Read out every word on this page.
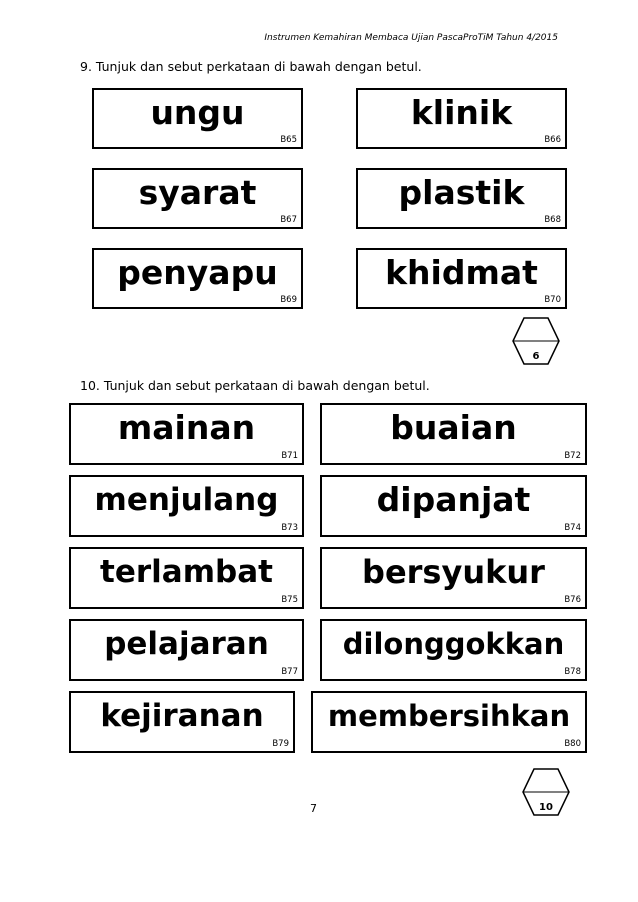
Instrumen Kemahiran Membaca Ujian PascaProTiM Tahun 4/2015
9. Tunjuk dan sebut perkataan di bawah dengan betul.
ungu
B65
klinik
B66
syarat
B67
plastik
B68
penyapu
B69
khidmat
B70
6
10. Tunjuk dan sebut perkataan di bawah dengan betul.
mainan
B71
buaian
B72
menjulang
B73
dipanjat
B74
terlambat
B75
bersyukur
B76
pelajaran
B77
dilonggokkan
B78
kejiranan
B79
membersihkan
B80
10
7
